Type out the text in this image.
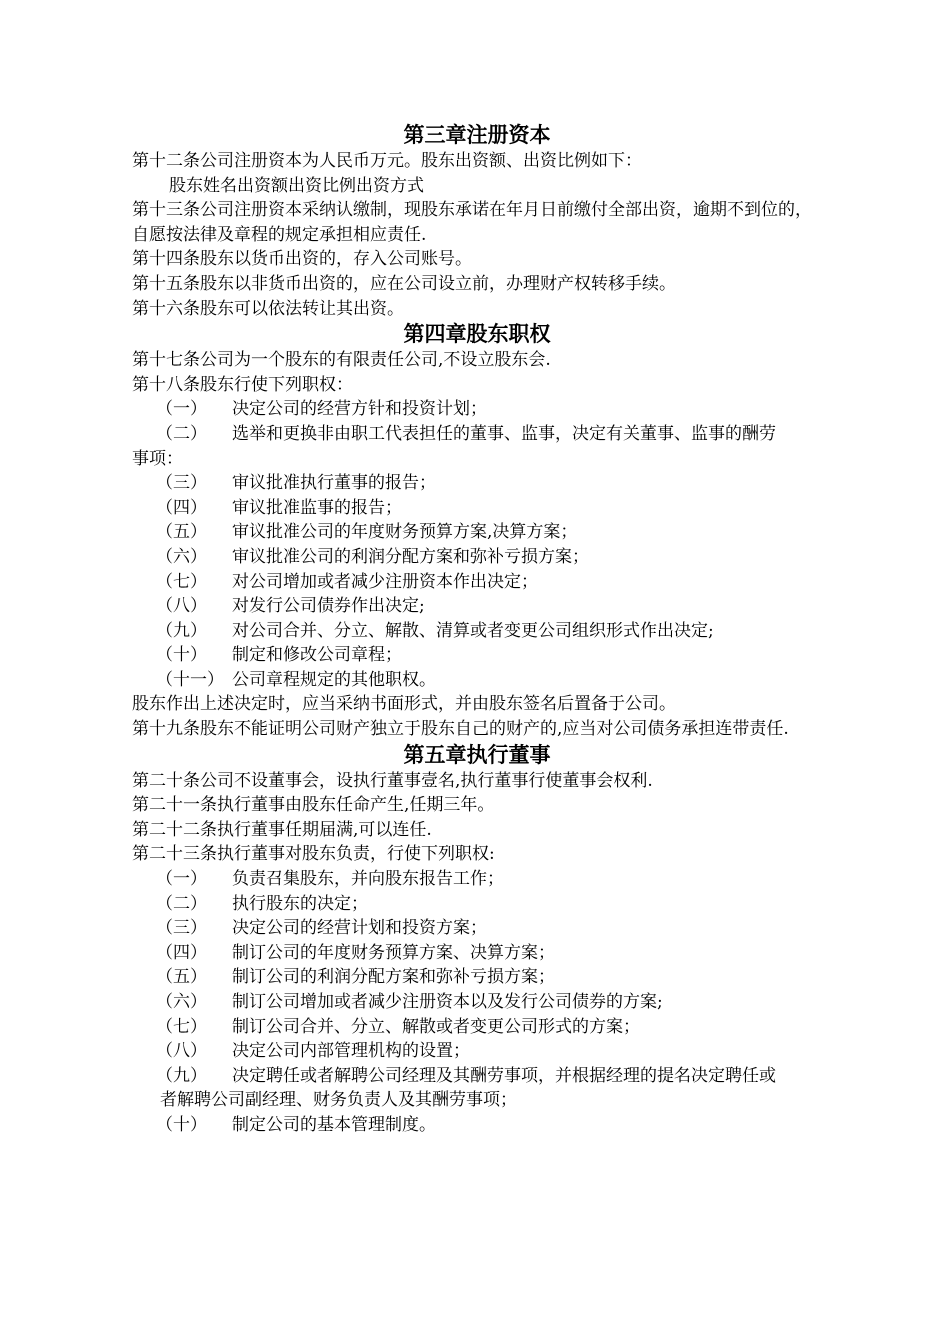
第三章注册资本

第十二条公司注册资本为人民币万元。股东出资额、出资比例如下：

股东姓名出资额出资比例出资方式

第十三条公司注册资本采纳认缴制，现股东承诺在年月日前缴付全部出资，逾期不到位的，自愿按法律及章程的规定承担相应责任.

第十四条股东以货币出资的，存入公司账号。

第十五条股东以非货币出资的，应在公司设立前，办理财产权转移手续。

第十六条股东可以依法转让其出资。

第四章股东职权

第十七条公司为一个股东的有限责任公司,不设立股东会.

第十八条股东行使下列职权：

（一）	决定公司的经营方针和投资计划；
（二）	选举和更换非由职工代表担任的董事、监事，决定有关董事、监事的酬劳

事项：

（三）	审议批准执行董事的报告；
（四）	审议批准监事的报告；
（五）	审议批准公司的年度财务预算方案,决算方案；
（六）	审议批准公司的利润分配方案和弥补亏损方案；
（七）	对公司增加或者减少注册资本作出决定；
（八）	对发行公司债券作出决定;
（九）	对公司合并、分立、解散、清算或者变更公司组织形式作出决定;
（十）	制定和修改公司章程；
（十一） 公司章程规定的其他职权。

股东作出上述决定时，应当采纳书面形式，并由股东签名后置备于公司。

第十九条股东不能证明公司财产独立于股东自己的财产的,应当对公司债务承担连带责任.

第五章执行董事

第二十条公司不设董事会，设执行董事壹名,执行董事行使董事会权利.

第二十一条执行董事由股东任命产生,任期三年。

第二十二条执行董事任期届满,可以连任.

第二十三条执行董事对股东负责，行使下列职权:

（一）	负责召集股东，并向股东报告工作；
（二）	执行股东的决定；
（三）	决定公司的经营计划和投资方案；
（四）	制订公司的年度财务预算方案、决算方案；
（五）	制订公司的利润分配方案和弥补亏损方案；
（六）	制订公司增加或者减少注册资本以及发行公司债券的方案;
（七）	制订公司合并、分立、解散或者变更公司形式的方案；
（八）	决定公司内部管理机构的设置；
（九）	决定聘任或者解聘公司经理及其酬劳事项，并根据经理的提名决定聘任或

者解聘公司副经理、财务负责人及其酬劳事项；

（十）	制定公司的基本管理制度。
